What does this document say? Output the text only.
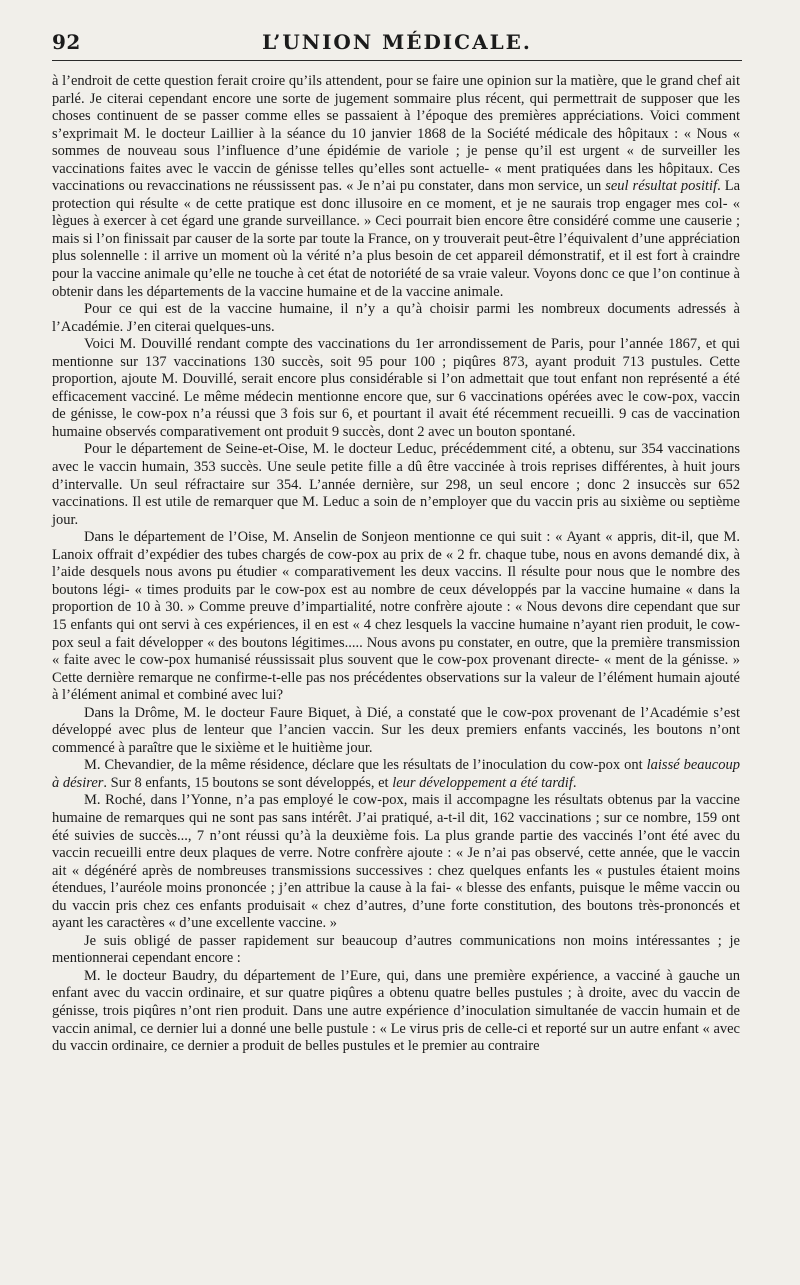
92	L’UNION MÉDICALE.

à l’endroit de cette question ferait croire qu’ils attendent, pour se faire une opinion sur la matière, que le grand chef ait parlé. Je citerai cependant encore une sorte de jugement sommaire plus récent, qui permettrait de supposer que les choses continuent de se passer comme elles se passaient à l’époque des premières appréciations. Voici comment s’exprimait M. le docteur Laillier à la séance du 10 janvier 1868 de la Société médicale des hôpitaux : « Nous « sommes de nouveau sous l’influence d’une épidémie de variole ; je pense qu’il est urgent « de surveiller les vaccinations faites avec le vaccin de génisse telles qu’elles sont actuelle- « ment pratiquées dans les hôpitaux. Ces vaccinations ou revaccinations ne réussissent pas. « Je n’ai pu constater, dans mon service, un seul résultat positif. La protection qui résulte « de cette pratique est donc illusoire en ce moment, et je ne saurais trop engager mes col- « lègues à exercer à cet égard une grande surveillance. » Ceci pourrait bien encore être considéré comme une causerie ; mais si l’on finissait par causer de la sorte par toute la France, on y trouverait peut-être l’équivalent d’une appréciation plus solennelle : il arrive un moment où la vérité n’a plus besoin de cet appareil démonstratif, et il est fort à craindre pour la vaccine animale qu’elle ne touche à cet état de notoriété de sa vraie valeur. Voyons donc ce que l’on continue à obtenir dans les départements de la vaccine humaine et de la vaccine animale.

Pour ce qui est de la vaccine humaine, il n’y a qu’à choisir parmi les nombreux documents adressés à l’Académie. J’en citerai quelques-uns.

Voici M. Douvillé rendant compte des vaccinations du 1er arrondissement de Paris, pour l’année 1867, et qui mentionne sur 137 vaccinations 130 succès, soit 95 pour 100 ; piqûres 873, ayant produit 713 pustules. Cette proportion, ajoute M. Douvillé, serait encore plus considérable si l’on admettait que tout enfant non représenté a été efficacement vacciné. Le même médecin mentionne encore que, sur 6 vaccinations opérées avec le cow-pox, vaccin de génisse, le cow-pox n’a réussi que 3 fois sur 6, et pourtant il avait été récemment recueilli. 9 cas de vaccination humaine observés comparativement ont produit 9 succès, dont 2 avec un bouton spontané.

Pour le département de Seine-et-Oise, M. le docteur Leduc, précédemment cité, a obtenu, sur 354 vaccinations avec le vaccin humain, 353 succès. Une seule petite fille a dû être vaccinée à trois reprises différentes, à huit jours d’intervalle. Un seul réfractaire sur 354. L’année dernière, sur 298, un seul encore ; donc 2 insuccès sur 652 vaccinations. Il est utile de remarquer que M. Leduc a soin de n’employer que du vaccin pris au sixième ou septième jour.

Dans le département de l’Oise, M. Anselin de Sonjeon mentionne ce qui suit : « Ayant « appris, dit-il, que M. Lanoix offrait d’expédier des tubes chargés de cow-pox au prix de « 2 fr. chaque tube, nous en avons demandé dix, à l’aide desquels nous avons pu étudier « comparativement les deux vaccins. Il résulte pour nous que le nombre des boutons légi- « times produits par le cow-pox est au nombre de ceux développés par la vaccine humaine « dans la proportion de 10 à 30. » Comme preuve d’impartialité, notre confrère ajoute : « Nous devons dire cependant que sur 15 enfants qui ont servi à ces expériences, il en est « 4 chez lesquels la vaccine humaine n’ayant rien produit, le cow-pox seul a fait développer « des boutons légitimes..... Nous avons pu constater, en outre, que la première transmission « faite avec le cow-pox humanisé réussissait plus souvent que le cow-pox provenant directe- « ment de la génisse. » Cette dernière remarque ne confirme-t-elle pas nos précédentes observations sur la valeur de l’élément humain ajouté à l’élément animal et combiné avec lui?

Dans la Drôme, M. le docteur Faure Biquet, à Dié, a constaté que le cow-pox provenant de l’Académie s’est développé avec plus de lenteur que l’ancien vaccin. Sur les deux premiers enfants vaccinés, les boutons n’ont commencé à paraître que le sixième et le huitième jour.

M. Chevandier, de la même résidence, déclare que les résultats de l’inoculation du cow-pox ont laissé beaucoup à désirer. Sur 8 enfants, 15 boutons se sont développés, et leur développement a été tardif.

M. Roché, dans l’Yonne, n’a pas employé le cow-pox, mais il accompagne les résultats obtenus par la vaccine humaine de remarques qui ne sont pas sans intérêt. J’ai pratiqué, a-t-il dit, 162 vaccinations ; sur ce nombre, 159 ont été suivies de succès..., 7 n’ont réussi qu’à la deuxième fois. La plus grande partie des vaccinés l’ont été avec du vaccin recueilli entre deux plaques de verre. Notre confrère ajoute : « Je n’ai pas observé, cette année, que le vaccin ait « dégénéré après de nombreuses transmissions successives : chez quelques enfants les « pustules étaient moins étendues, l’auréole moins prononcée ; j’en attribue la cause à la fai- « blesse des enfants, puisque le même vaccin ou du vaccin pris chez ces enfants produisait « chez d’autres, d’une forte constitution, des boutons très-prononcés et ayant les caractères « d’une excellente vaccine. »

Je suis obligé de passer rapidement sur beaucoup d’autres communications non moins intéressantes ; je mentionnerai cependant encore :

M. le docteur Baudry, du département de l’Eure, qui, dans une première expérience, a vacciné à gauche un enfant avec du vaccin ordinaire, et sur quatre piqûres a obtenu quatre belles pustules ; à droite, avec du vaccin de génisse, trois piqûres n’ont rien produit. Dans une autre expérience d’inoculation simultanée de vaccin humain et de vaccin animal, ce dernier lui a donné une belle pustule : « Le virus pris de celle-ci et reporté sur un autre enfant « avec du vaccin ordinaire, ce dernier a produit de belles pustules et le premier au contraire
